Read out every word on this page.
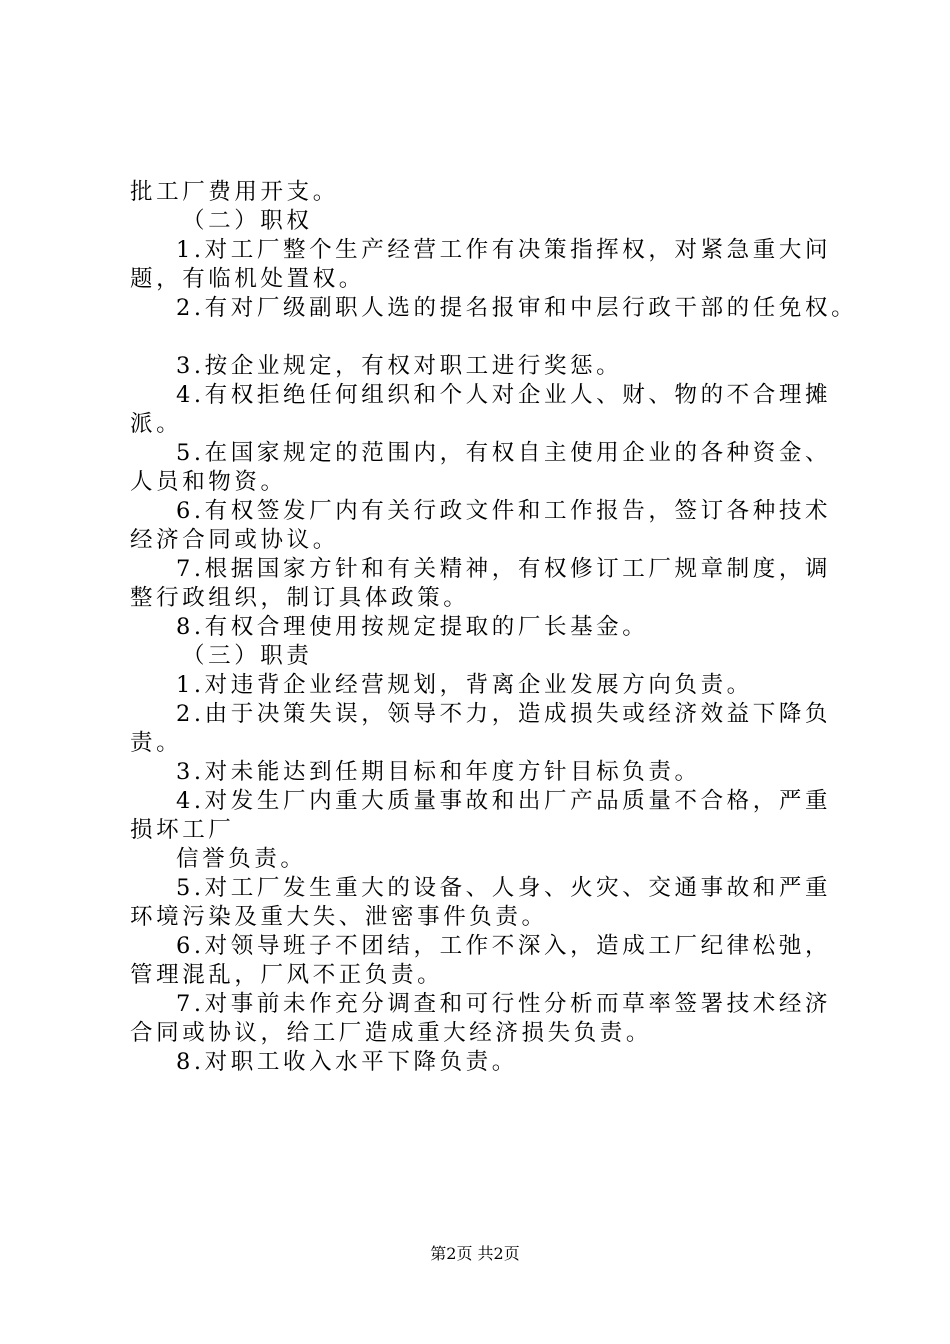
批工厂费用开支。
（二）职权
1.对工厂整个生产经营工作有决策指挥权，对紧急重大问
题，有临机处置权。
2.有对厂级副职人选的提名报审和中层行政干部的任免权。
3.按企业规定，有权对职工进行奖惩。
4.有权拒绝任何组织和个人对企业人、财、物的不合理摊
派。
5.在国家规定的范围内，有权自主使用企业的各种资金、
人员和物资。
6.有权签发厂内有关行政文件和工作报告，签订各种技术
经济合同或协议。
7.根据国家方针和有关精神，有权修订工厂规章制度，调
整行政组织，制订具体政策。
8.有权合理使用按规定提取的厂长基金。
（三）职责
1.对违背企业经营规划，背离企业发展方向负责。
2.由于决策失误，领导不力，造成损失或经济效益下降负
责。
3.对未能达到任期目标和年度方针目标负责。
4.对发生厂内重大质量事故和出厂产品质量不合格，严重
损坏工厂
信誉负责。
5.对工厂发生重大的设备、人身、火灾、交通事故和严重
环境污染及重大失、泄密事件负责。
6.对领导班子不团结，工作不深入，造成工厂纪律松弛，
管理混乱，厂风不正负责。
7.对事前未作充分调查和可行性分析而草率签署技术经济
合同或协议，给工厂造成重大经济损失负责。
8.对职工收入水平下降负责。
第2页 共2页
